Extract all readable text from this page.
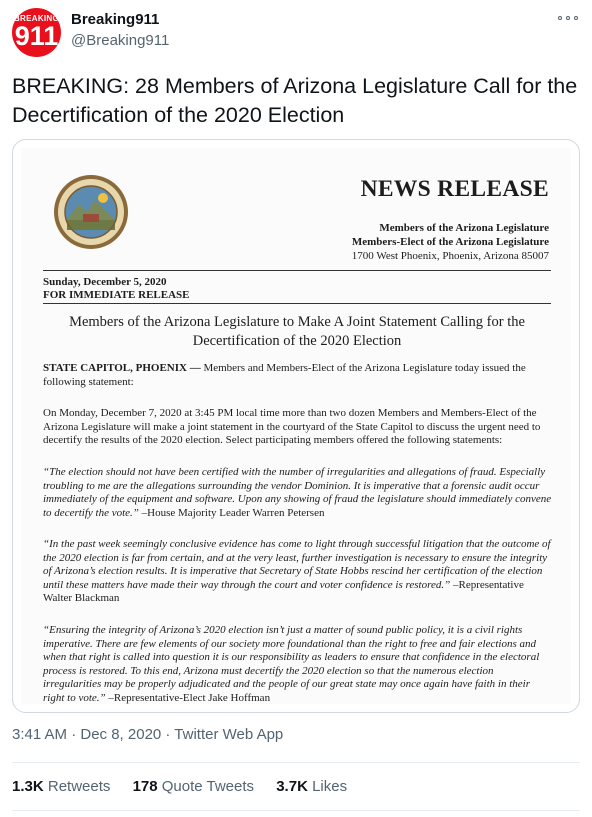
BREAKING
911
Breaking911
@Breaking911
BREAKING: 28 Members of Arizona Legislature Call for the Decertification of the 2020 Election
NEWS RELEASE
Members of the Arizona Legislature
Members-Elect of the Arizona Legislature
1700 West Phoenix, Phoenix, Arizona 85007
Sunday, December 5, 2020
FOR IMMEDIATE RELEASE
Members of the Arizona Legislature to Make A Joint Statement Calling for the
Decertification of the 2020 Election
STATE CAPITOL, PHOENIX — Members and Members-Elect of the Arizona Legislature today issued the following statement:
On Monday, December 7, 2020 at 3:45 PM local time more than two dozen Members and Members-Elect of the Arizona Legislature will make a joint statement in the courtyard of the State Capitol to discuss the urgent need to decertify the results of the 2020 election. Select participating members offered the following statements:
“The election should not have been certified with the number of irregularities and allegations of fraud. Especially troubling to me are the allegations surrounding the vendor Dominion. It is imperative that a forensic audit occur immediately of the equipment and software. Upon any showing of fraud the legislature should immediately convene to decertify the vote.” –House Majority Leader Warren Petersen
“In the past week seemingly conclusive evidence has come to light through successful litigation that the outcome of the 2020 election is far from certain, and at the very least, further investigation is necessary to ensure the integrity of Arizona’s election results. It is imperative that Secretary of State Hobbs rescind her certification of the election until these matters have made their way through the court and voter confidence is restored.” –Representative Walter Blackman
“Ensuring the integrity of Arizona’s 2020 election isn’t just a matter of sound public policy, it is a civil rights imperative. There are few elements of our society more foundational than the right to free and fair elections and when that right is called into question it is our responsibility as leaders to ensure that confidence in the electoral process is restored. To this end, Arizona must decertify the 2020 election so that the numerous election irregularities may be properly adjudicated and the people of our great state may once again have faith in their right to vote.” –Representative-Elect Jake Hoffman
3:41 AM · Dec 8, 2020 · Twitter Web App
1.3K Retweets 178 Quote Tweets 3.7K Likes
